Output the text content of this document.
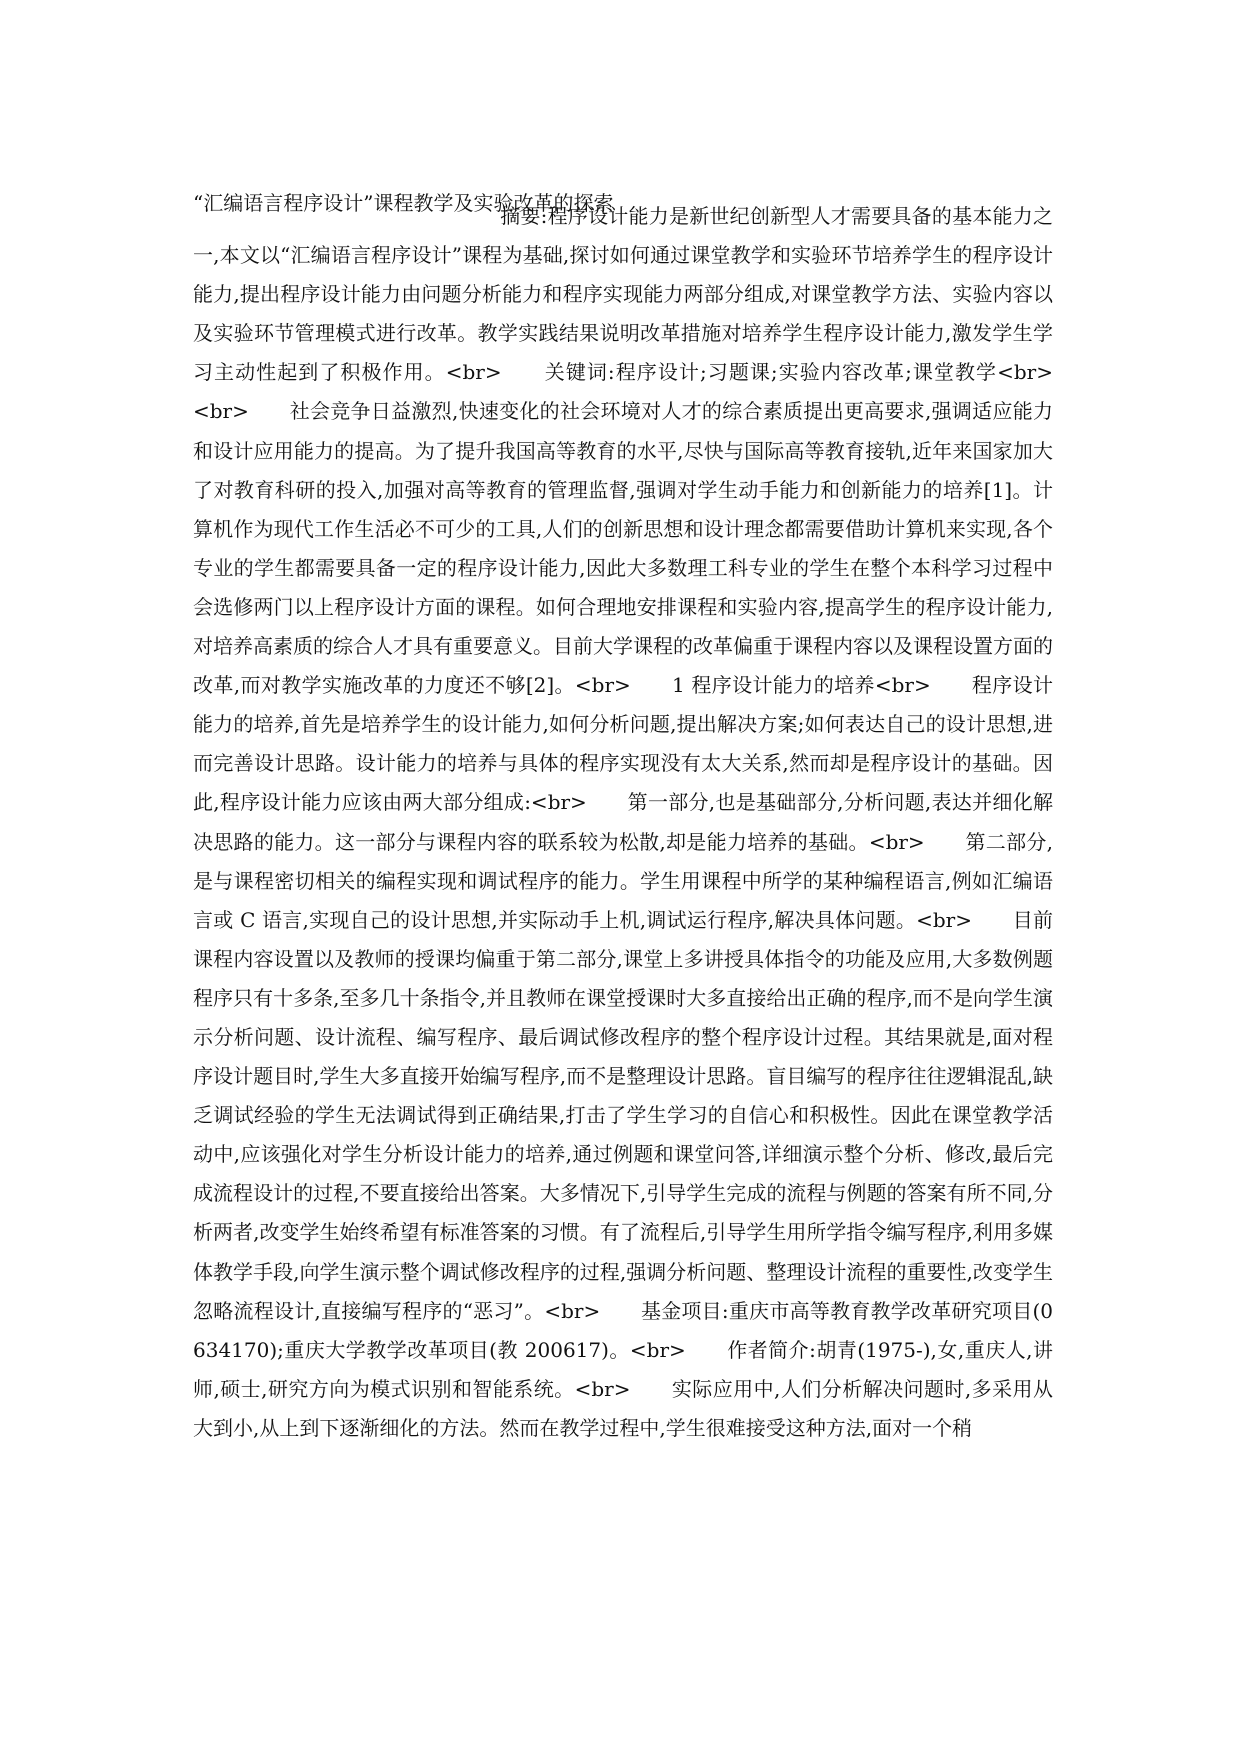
“汇编语言程序设计”课程教学及实验改革的探索

摘要:程序设计能力是新世纪创新型人才需要具备的基本能力之一,本文以“汇编语言程序设计”课程为基础,探讨如何通过课堂教学和实验环节培养学生的程序设计能力,提出程序设计能力由问题分析能力和程序实现能力两部分组成,对课堂教学方法、实验内容以及实验环节管理模式进行改革。教学实践结果说明改革措施对培养学生程序设计能力,激发学生学习主动性起到了积极作用。<br>　　关键词:程序设计;习题课;实验内容改革;课堂教学<br>　　<br>　　社会竞争日益激烈,快速变化的社会环境对人才的综合素质提出更高要求,强调适应能力和设计应用能力的提高。为了提升我国高等教育的水平,尽快与国际高等教育接轨,近年来国家加大了对教育科研的投入,加强对高等教育的管理监督,强调对学生动手能力和创新能力的培养[1]。计算机作为现代工作生活必不可少的工具,人们的创新思想和设计理念都需要借助计算机来实现,各个专业的学生都需要具备一定的程序设计能力,因此大多数理工科专业的学生在整个本科学习过程中会选修两门以上程序设计方面的课程。如何合理地安排课程和实验内容,提高学生的程序设计能力,对培养高素质的综合人才具有重要意义。目前大学课程的改革偏重于课程内容以及课程设置方面的改革,而对教学实施改革的力度还不够[2]。<br>　　1 程序设计能力的培养<br>　　程序设计能力的培养,首先是培养学生的设计能力,如何分析问题,提出解决方案;如何表达自己的设计思想,进而完善设计思路。设计能力的培养与具体的程序实现没有太大关系,然而却是程序设计的基础。因此,程序设计能力应该由两大部分组成:<br>　　第一部分,也是基础部分,分析问题,表达并细化解决思路的能力。这一部分与课程内容的联系较为松散,却是能力培养的基础。<br>　　第二部分,是与课程密切相关的编程实现和调试程序的能力。学生用课程中所学的某种编程语言,例如汇编语言或 C 语言,实现自己的设计思想,并实际动手上机,调试运行程序,解决具体问题。<br>　　目前课程内容设置以及教师的授课均偏重于第二部分,课堂上多讲授具体指令的功能及应用,大多数例题程序只有十多条,至多几十条指令,并且教师在课堂授课时大多直接给出正确的程序,而不是向学生演示分析问题、设计流程、编写程序、最后调试修改程序的整个程序设计过程。其结果就是,面对程序设计题目时,学生大多直接开始编写程序,而不是整理设计思路。盲目编写的程序往往逻辑混乱,缺乏调试经验的学生无法调试得到正确结果,打击了学生学习的自信心和积极性。因此在课堂教学活动中,应该强化对学生分析设计能力的培养,通过例题和课堂问答,详细演示整个分析、修改,最后完成流程设计的过程,不要直接给出答案。大多情况下,引导学生完成的流程与例题的答案有所不同,分析两者,改变学生始终希望有标准答案的习惯。有了流程后,引导学生用所学指令编写程序,利用多媒体教学手段,向学生演示整个调试修改程序的过程,强调分析问题、整理设计流程的重要性,改变学生忽略流程设计,直接编写程序的“恶习”。<br>　　基金项目:重庆市高等教育教学改革研究项目(0634170);重庆大学教学改革项目(教 200617)。<br>　　作者简介:胡青(1975-),女,重庆人,讲师,硕士,研究方向为模式识别和智能系统。<br>　　实际应用中,人们分析解决问题时,多采用从大到小,从上到下逐渐细化的方法。然而在教学过程中,学生很难接受这种方法,面对一个稍
